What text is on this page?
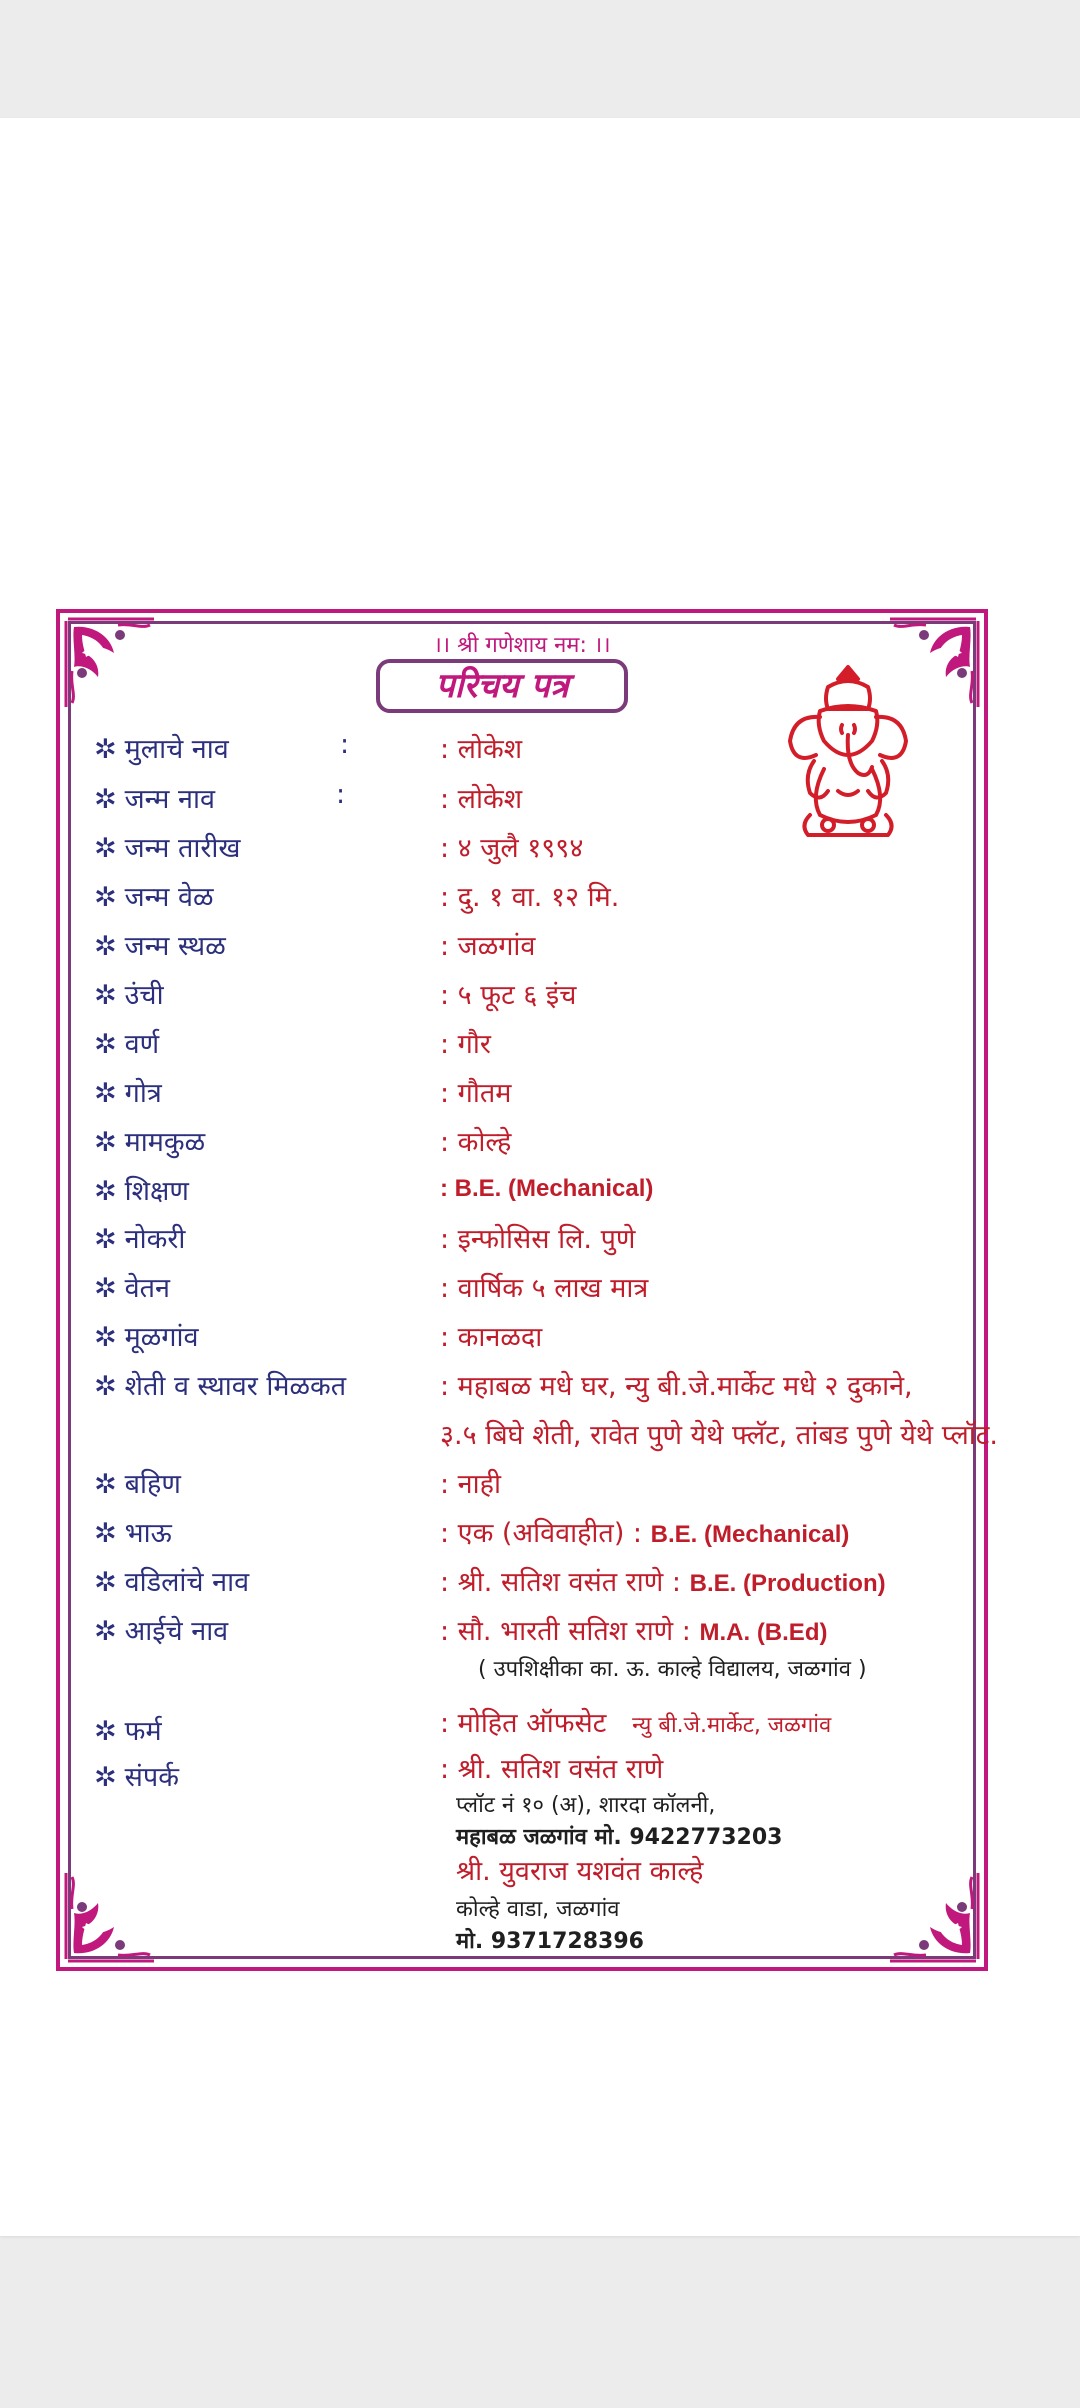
।। श्री गणेशाय नम: ।।
परिचय पत्र
✲ मुलाचे नाव	:	: लोकेश
✲ जन्म नाव	:	: लोकेश
✲ जन्म तारीख	: ४ जुलै १९९४
✲ जन्म वेळ	: दु. १ वा. १२ मि.
✲ जन्म स्थळ	: जळगांव
✲ उंची	: ५ फूट ६ इंच
✲ वर्ण	: गौर
✲ गोत्र	: गौतम
✲ मामकुळ	: कोल्हे
✲ शिक्षण	: B.E. (Mechanical)
✲ नोकरी	: इन्फोसिस लि. पुणे
✲ वेतन	: वार्षिक ५ लाख मात्र
✲ मूळगांव	: कानळदा
✲ शेती व स्थावर मिळकत	: महाबळ मधे घर, न्यु बी.जे.मार्केट मधे २ दुकाने,
३.५ बिघे शेती, रावेत पुणे येथे फ्लॅट, तांबड पुणे येथे प्लॉट.
✲ बहिण	: नाही
✲ भाऊ	: एक (अविवाहीत) : B.E. (Mechanical)
✲ वडिलांचे नाव	: श्री. सतिश वसंत राणे : B.E. (Production)
✲ आईचे नाव	: सौ. भारती सतिश राणे : M.A. (B.Ed)
( उपशिक्षीका का. ऊ. काल्हे विद्यालय, जळगांव )
✲ फर्म	: मोहित ऑफसेट न्यु बी.जे.मार्केट, जळगांव
✲ संपर्क	: श्री. सतिश वसंत राणे
प्लॉट नं १० (अ), शारदा कॉलनी,
महाबळ जळगांव मो. 9422773203
श्री. युवराज यशवंत काल्हे
कोल्हे वाडा, जळगांव
मो. 9371728396
